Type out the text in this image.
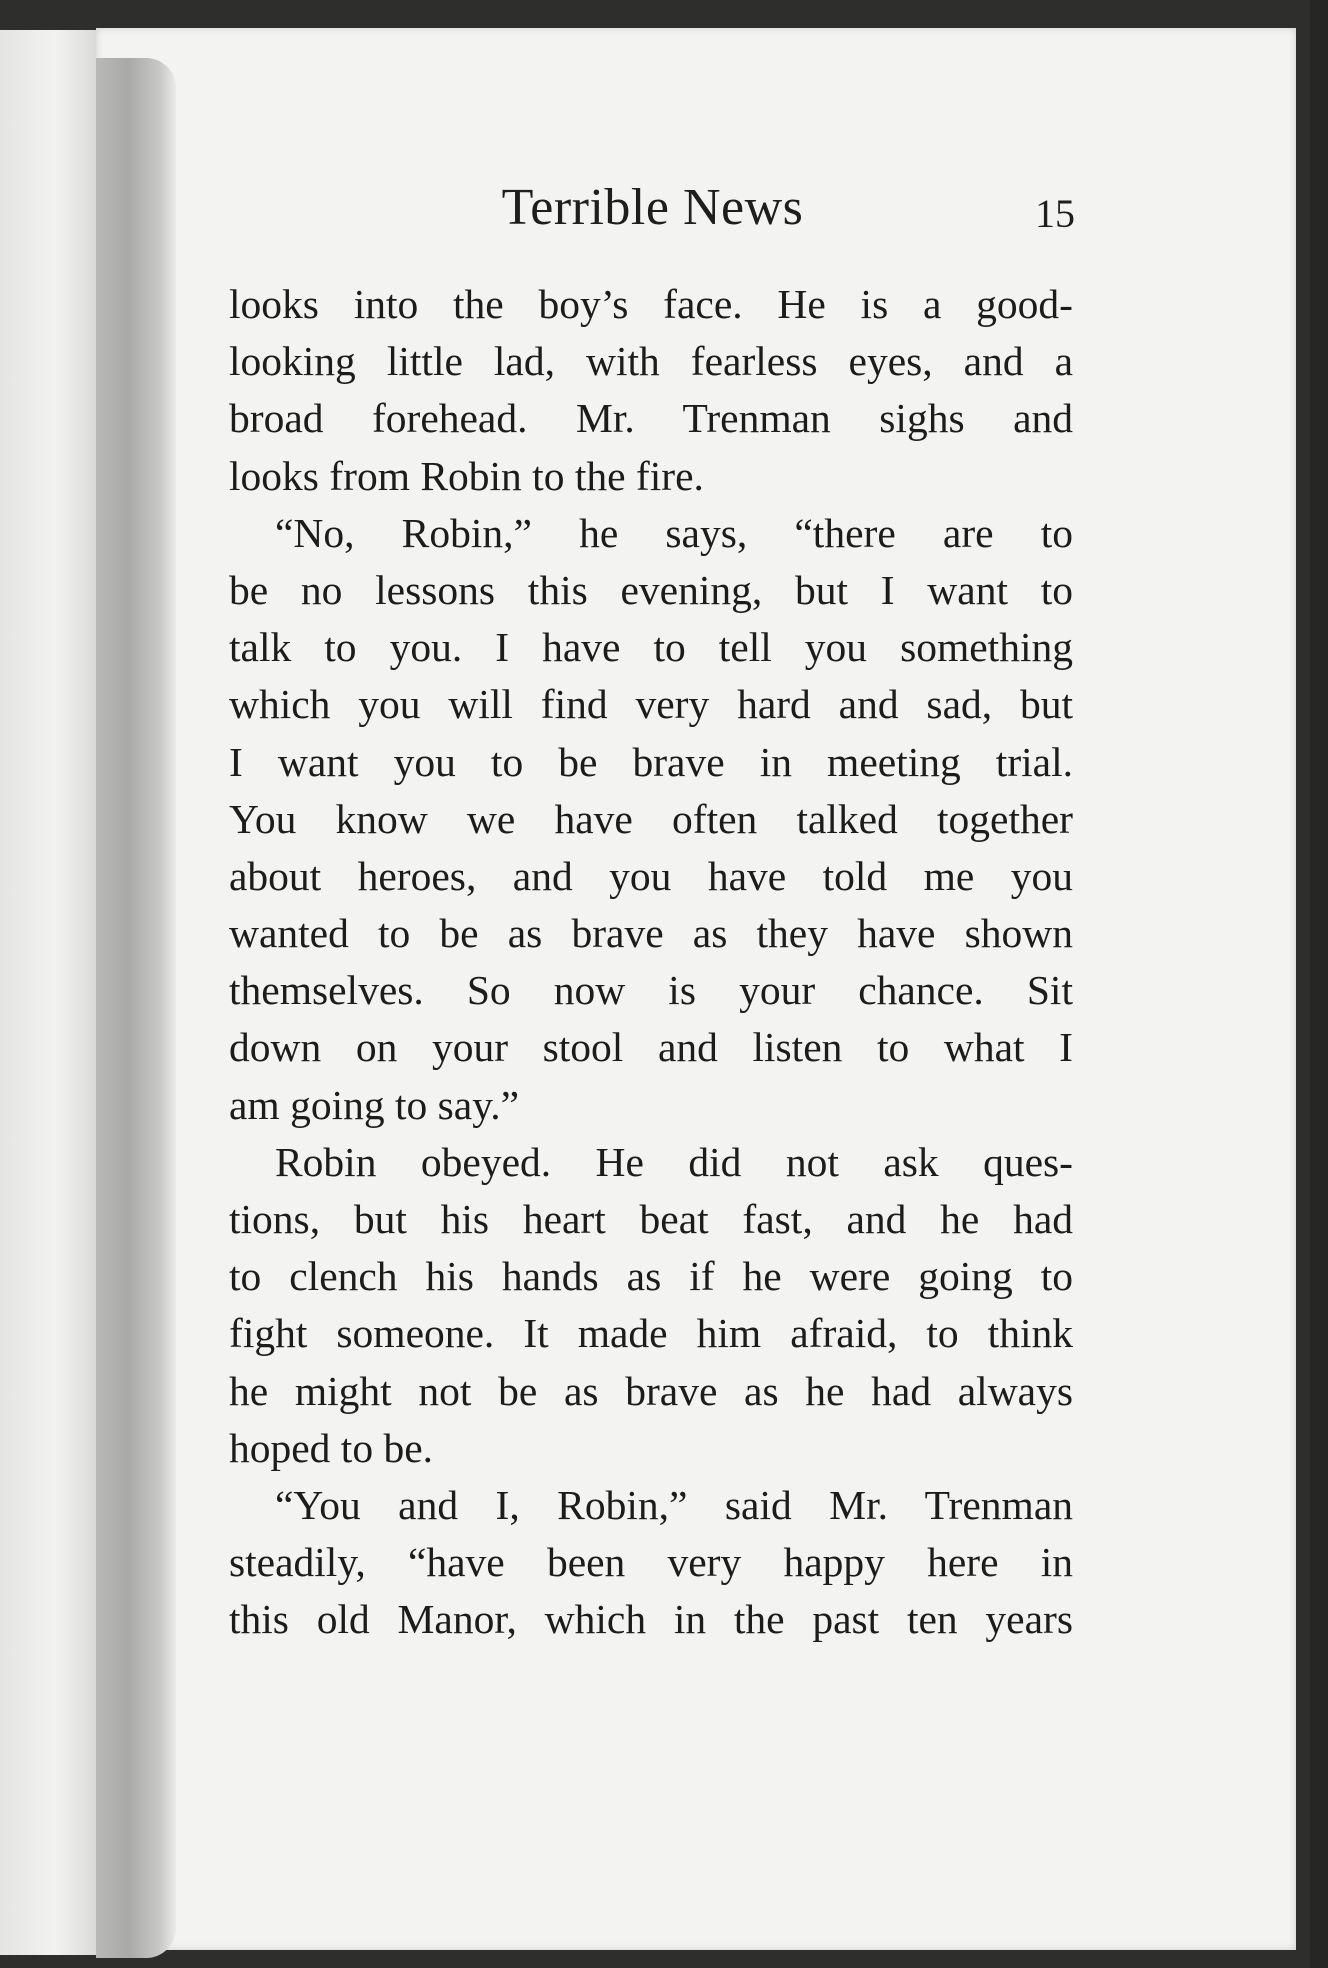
Terrible News	15
looks into the boy’s face. He is a good-
looking little lad, with fearless eyes, and a
broad forehead. Mr. Trenman sighs and
looks from Robin to the fire.
“No, Robin,” he says, “there are to
be no lessons this evening, but I want to
talk to you. I have to tell you something
which you will find very hard and sad, but
I want you to be brave in meeting trial.
You know we have often talked together
about heroes, and you have told me you
wanted to be as brave as they have shown
themselves. So now is your chance. Sit
down on your stool and listen to what I
am going to say.”
Robin obeyed. He did not ask ques-
tions, but his heart beat fast, and he had
to clench his hands as if he were going to
fight someone. It made him afraid, to think
he might not be as brave as he had always
hoped to be.
“You and I, Robin,” said Mr. Trenman
steadily, “have been very happy here in
this old Manor, which in the past ten years
